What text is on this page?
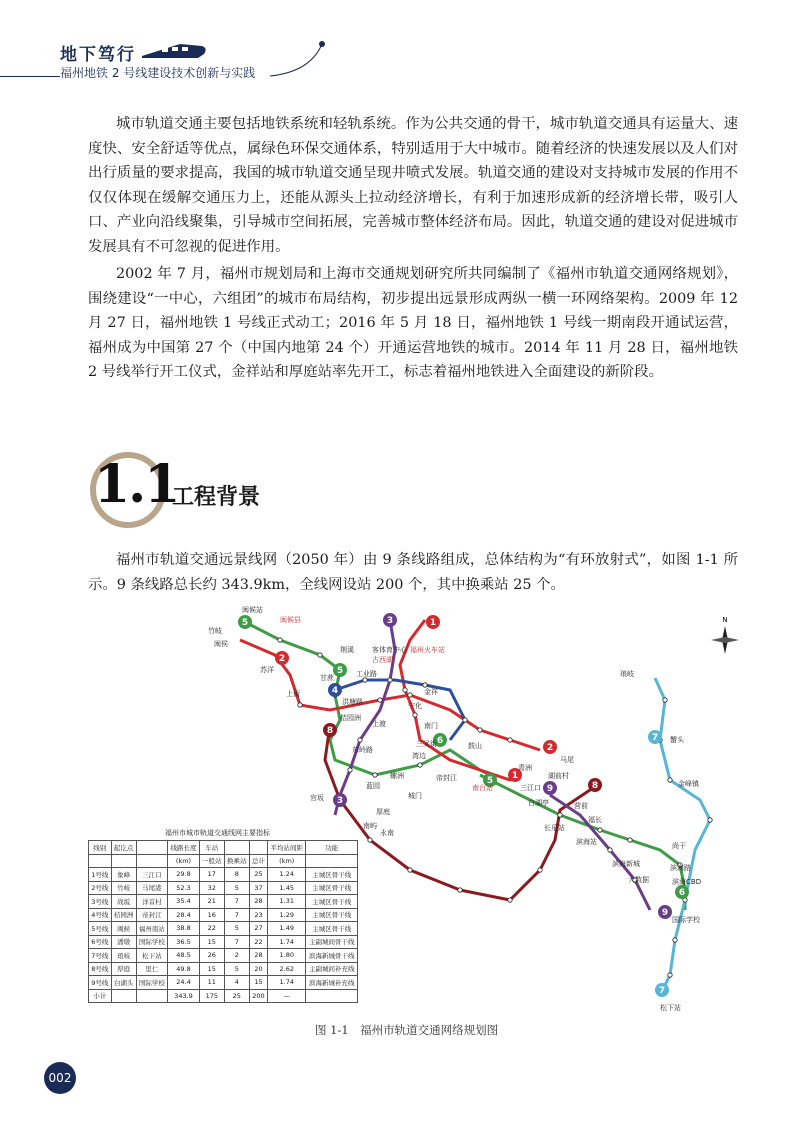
地下笃行
福州地铁 2 号线建设技术创新与实践
城市轨道交通主要包括地铁系统和轻轨系统。作为公共交通的骨干，城市轨道交通具有运量大、速度快、安全舒适等优点，属绿色环保交通体系，特别适用于大中城市。随着经济的快速发展以及人们对出行质量的要求提高，我国的城市轨道交通呈现井喷式发展。轨道交通的建设对支持城市发展的作用不仅仅体现在缓解交通压力上，还能从源头上拉动经济增长，有利于加速形成新的经济增长带，吸引人口、产业向沿线聚集，引导城市空间拓展，完善城市整体经济布局。因此，轨道交通的建设对促进城市发展具有不可忽视的促进作用。
2002 年 7 月，福州市规划局和上海市交通规划研究所共同编制了《福州市轨道交通网络规划》，围绕建设“一中心，六组团”的城市布局结构，初步提出远景形成两纵一横一环网络架构。2009 年 12 月 27 日，福州地铁 1 号线正式动工；2016 年 5 月 18 日，福州地铁 1 号线一期南段开通试运营，福州成为中国第 27 个（中国内地第 24 个）开通运营地铁的城市。2014 年 11 月 28 日，福州地铁 2 号线举行开工仪式，金祥站和厚庭站率先开工，标志着福州地铁进入全面建设的新阶段。
1.1
工程背景
福州市轨道交通远景线网（2050 年）由 9 条线路组成，总体结构为“有环放射式”，如图 1-1 所示。9 条线路总长约 343.9km，全线网设站 200 个，其中换乘站 25 个。
5
2
5
3	1
4
8
6
2
5 1
9	8
3
7
6
9
7
N
闽候站
竹岐
闽候县
荆溪
苏洋
上街
福州火车站
客体育中心
古西湖
工业路
洪塘路
桔园洲
宁化
上渡	南门
三叉街	鼓山
马尾
琅岐
蟹头
金峰镇
长乐站
滨海新城
国际学校
松下站
南台站
永南
官坂
尚干
大数据	滨海CBD
三江口
蓝园
营前
滨海路
帝封江
东岭路
湾边
南屿
青洲
厚庭
甘蔗
城门
螺洲
滨海站
湖前村
白湖亭
福长
金祥
闽侯
福州市城市轨道交通线网主要指标
线别	起讫点		线路长度	车站			平均站间距	功能
			(km)	一般站	换乘站	总计	(km)	
1号线	象峰	三江口	29.8	17	8	25	1.24	主城区骨干线
2号线	竹岐	马尾港	52.3	32	5	37	1.45	主城区骨干线
3号线	战坂	洋首村	35.4	21	7	28	1.31	主城区骨干线
4号线	桔园洲	帝封江	28.4	16	7	23	1.29	主城区骨干线
5号线	闽候	福州南站	38.8	22	5	27	1.49	主城区骨干线
6号线	潘墩	国际学校	36.5	15	7	22	1.74	主副城间骨干线
7号线	琅岐	松下站	48.5	26	2	28	1.80	滨海新城骨干线
8号线	厚庭	里仁	49.8	15	5	20	2.62	主副城间补充线
9号线	白湖头	国际学校	24.4	11	4	15	1.74	滨海新城补充线
小计			343.9	175	25	200	—	
图 1-1　福州市轨道交通网络规划图
002
